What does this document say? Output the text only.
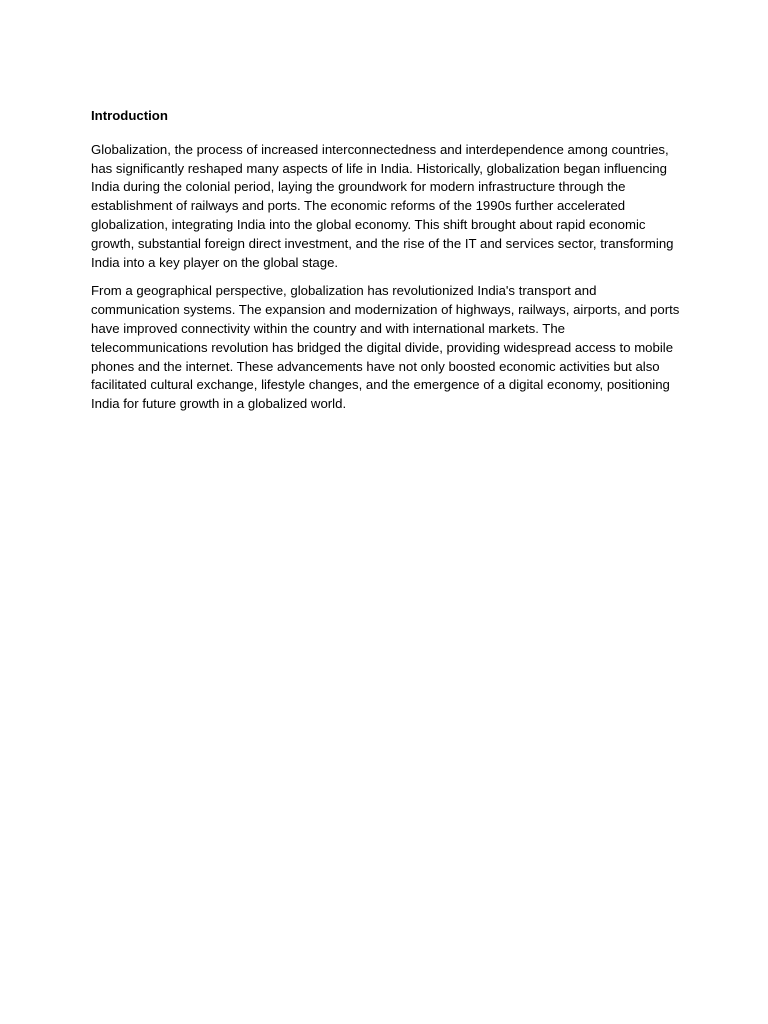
Introduction

Globalization, the process of increased interconnectedness and interdependence among countries, has significantly reshaped many aspects of life in India. Historically, globalization began influencing India during the colonial period, laying the groundwork for modern infrastructure through the establishment of railways and ports. The economic reforms of the 1990s further accelerated globalization, integrating India into the global economy. This shift brought about rapid economic growth, substantial foreign direct investment, and the rise of the IT and services sector, transforming India into a key player on the global stage.

From a geographical perspective, globalization has revolutionized India's transport and communication systems. The expansion and modernization of highways, railways, airports, and ports have improved connectivity within the country and with international markets. The telecommunications revolution has bridged the digital divide, providing widespread access to mobile phones and the internet. These advancements have not only boosted economic activities but also facilitated cultural exchange, lifestyle changes, and the emergence of a digital economy, positioning India for future growth in a globalized world.
